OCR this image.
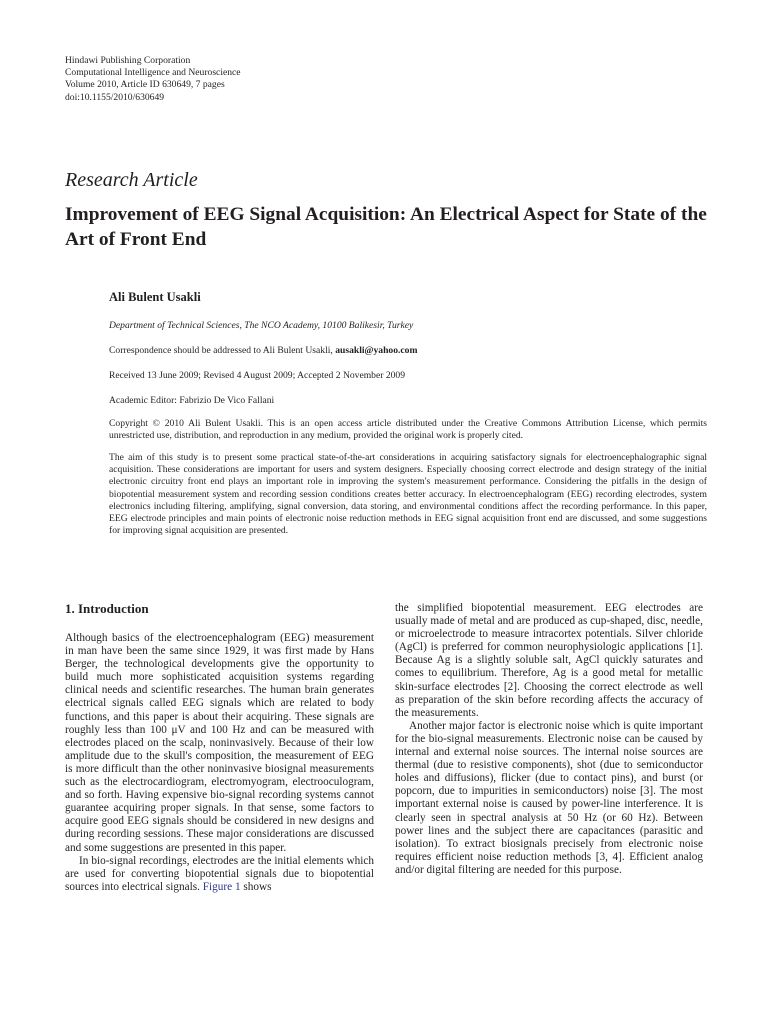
Hindawi Publishing Corporation
Computational Intelligence and Neuroscience
Volume 2010, Article ID 630649, 7 pages
doi:10.1155/2010/630649
Research Article
Improvement of EEG Signal Acquisition: An Electrical Aspect for State of the Art of Front End
Ali Bulent Usakli
Department of Technical Sciences, The NCO Academy, 10100 Balikesir, Turkey
Correspondence should be addressed to Ali Bulent Usakli, ausakli@yahoo.com
Received 13 June 2009; Revised 4 August 2009; Accepted 2 November 2009
Academic Editor: Fabrizio De Vico Fallani
Copyright © 2010 Ali Bulent Usakli. This is an open access article distributed under the Creative Commons Attribution License, which permits unrestricted use, distribution, and reproduction in any medium, provided the original work is properly cited.

The aim of this study is to present some practical state-of-the-art considerations in acquiring satisfactory signals for electroencephalographic signal acquisition. These considerations are important for users and system designers. Especially choosing correct electrode and design strategy of the initial electronic circuitry front end plays an important role in improving the system's measurement performance. Considering the pitfalls in the design of biopotential measurement system and recording session conditions creates better accuracy. In electroencephalogram (EEG) recording electrodes, system electronics including filtering, amplifying, signal conversion, data storing, and environmental conditions affect the recording performance. In this paper, EEG electrode principles and main points of electronic noise reduction methods in EEG signal acquisition front end are discussed, and some suggestions for improving signal acquisition are presented.

1. Introduction

Although basics of the electroencephalogram (EEG) measurement in man have been the same since 1929, it was first made by Hans Berger, the technological developments give the opportunity to build much more sophisticated acquisition systems regarding clinical needs and scientific researches. The human brain generates electrical signals called EEG signals which are related to body functions, and this paper is about their acquiring. These signals are roughly less than 100 μV and 100 Hz and can be measured with electrodes placed on the scalp, noninvasively. Because of their low amplitude due to the skull's composition, the measurement of EEG is more difficult than the other noninvasive biosignal measurements such as the electrocardiogram, electromyogram, electrooculogram, and so forth. Having expensive bio-signal recording systems cannot guarantee acquiring proper signals. In that sense, some factors to acquire good EEG signals should be considered in new designs and during recording sessions. These major considerations are discussed and some suggestions are presented in this paper.

In bio-signal recordings, electrodes are the initial elements which are used for converting biopotential signals due to biopotential sources into electrical signals. Figure 1 shows

the simplified biopotential measurement. EEG electrodes are usually made of metal and are produced as cup-shaped, disc, needle, or microelectrode to measure intracortex potentials. Silver chloride (AgCl) is preferred for common neurophysiologic applications [1]. Because Ag is a slightly soluble salt, AgCl quickly saturates and comes to equilibrium. Therefore, Ag is a good metal for metallic skin-surface electrodes [2]. Choosing the correct electrode as well as preparation of the skin before recording affects the accuracy of the measurements.

Another major factor is electronic noise which is quite important for the bio-signal measurements. Electronic noise can be caused by internal and external noise sources. The internal noise sources are thermal (due to resistive components), shot (due to semiconductor holes and diffusions), flicker (due to contact pins), and burst (or popcorn, due to impurities in semiconductors) noise [3]. The most important external noise is caused by power-line interference. It is clearly seen in spectral analysis at 50 Hz (or 60 Hz). Between power lines and the subject there are capacitances (parasitic and isolation). To extract biosignals precisely from electronic noise requires efficient noise reduction methods [3, 4]. Efficient analog and/or digital filtering are needed for this purpose.
